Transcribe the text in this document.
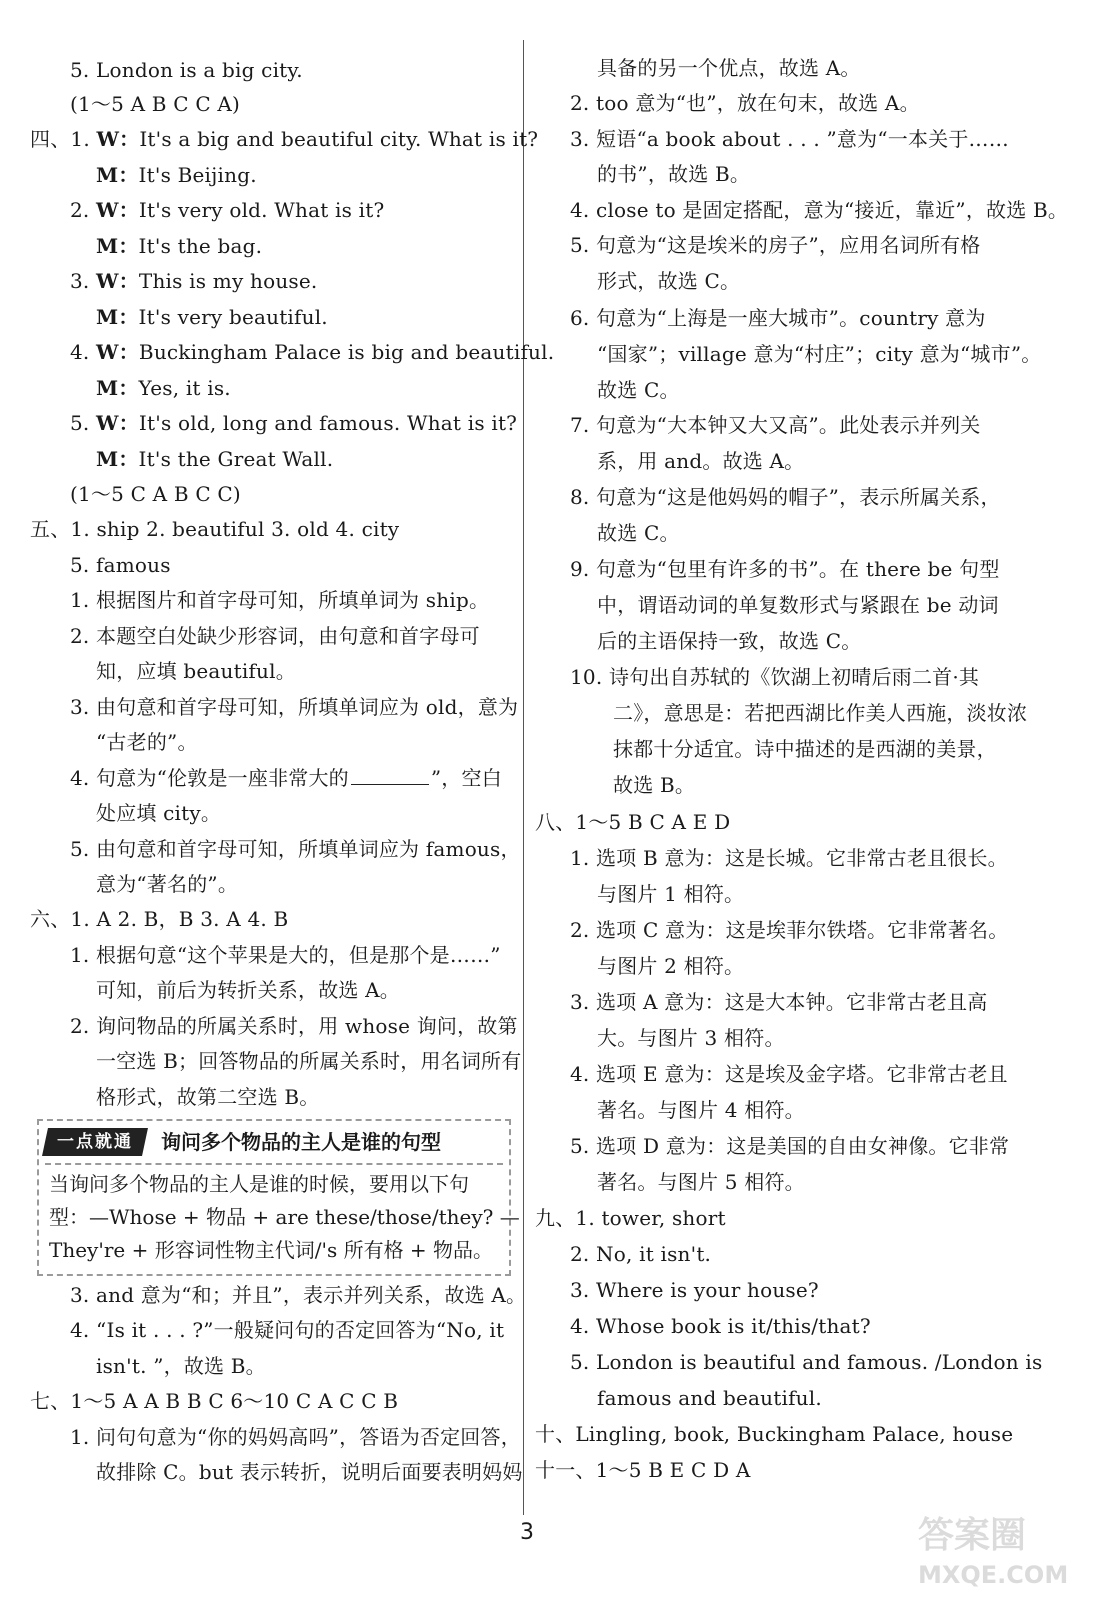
5. London is a big city.
(1～5 A B C C A)
四、1. W：It's a big and beautiful city. What is it?
M：It's Beijing.
2. W：It's very old. What is it?
M：It's the bag.
3. W：This is my house.
M：It's very beautiful.
4. W：Buckingham Palace is big and beautiful.
M：Yes, it is.
5. W：It's old, long and famous. What is it?
M：It's the Great Wall.
(1～5 C A B C C)
五、1. ship 2. beautiful 3. old 4. city
5. famous
1. 根据图片和首字母可知，所填单词为 ship。
2. 本题空白处缺少形容词，由句意和首字母可
知，应填 beautiful。
3. 由句意和首字母可知，所填单词应为 old，意为
“古老的”。
4. 句意为“伦敦是一座非常大的	”，空白
处应填 city。
5. 由句意和首字母可知，所填单词应为 famous，
意为“著名的”。
六、1. A 2. B，B 3. A 4. B
1. 根据句意“这个苹果是大的，但是那个是……”
可知，前后为转折关系，故选 A。
2. 询问物品的所属关系时，用 whose 询问，故第
一空选 B；回答物品的所属关系时，用名词所有
格形式，故第二空选 B。
3. and 意为“和；并且”，表示并列关系，故选 A。
4. “Is it . . . ?”一般疑问句的否定回答为“No, it
isn't. ”，故选 B。
七、1～5 A A B B C 6～10 C A C C B
1. 问句句意为“你的妈妈高吗”，答语为否定回答，
故排除 C。but 表示转折，说明后面要表明妈妈
一点就通	询问多个物品的主人是谁的句型
当询问多个物品的主人是谁的时候，要用以下句
型：—Whose + 物品 + are these/those/they? —
They're + 形容词性物主代词/'s 所有格 + 物品。
具备的另一个优点，故选 A。
2. too 意为“也”，放在句末，故选 A。
3. 短语“a book about . . . ”意为“一本关于……
的书”，故选 B。
4. close to 是固定搭配，意为“接近，靠近”，故选 B。
5. 句意为“这是埃米的房子”，应用名词所有格
形式，故选 C。
6. 句意为“上海是一座大城市”。country 意为
“国家”；village 意为“村庄”；city 意为“城市”。
故选 C。
7. 句意为“大本钟又大又高”。此处表示并列关
系，用 and。故选 A。
8. 句意为“这是他妈妈的帽子”，表示所属关系，
故选 C。
9. 句意为“包里有许多的书”。在 there be 句型
中，谓语动词的单复数形式与紧跟在 be 动词
后的主语保持一致，故选 C。
10. 诗句出自苏轼的《饮湖上初晴后雨二首·其
二》，意思是：若把西湖比作美人西施，淡妆浓
抹都十分适宜。诗中描述的是西湖的美景，
故选 B。
八、1～5 B C A E D
1. 选项 B 意为：这是长城。它非常古老且很长。
与图片 1 相符。
2. 选项 C 意为：这是埃菲尔铁塔。它非常著名。
与图片 2 相符。
3. 选项 A 意为：这是大本钟。它非常古老且高
大。与图片 3 相符。
4. 选项 E 意为：这是埃及金字塔。它非常古老且
著名。与图片 4 相符。
5. 选项 D 意为：这是美国的自由女神像。它非常
著名。与图片 5 相符。
九、1. tower, short
2. No, it isn't.
3. Where is your house?
4. Whose book is it/this/that?
5. London is beautiful and famous. /London is
famous and beautiful.
十、Lingling, book, Buckingham Palace, house
十一、1～5 B E C D A
3	答案圈
MXQE.COM
